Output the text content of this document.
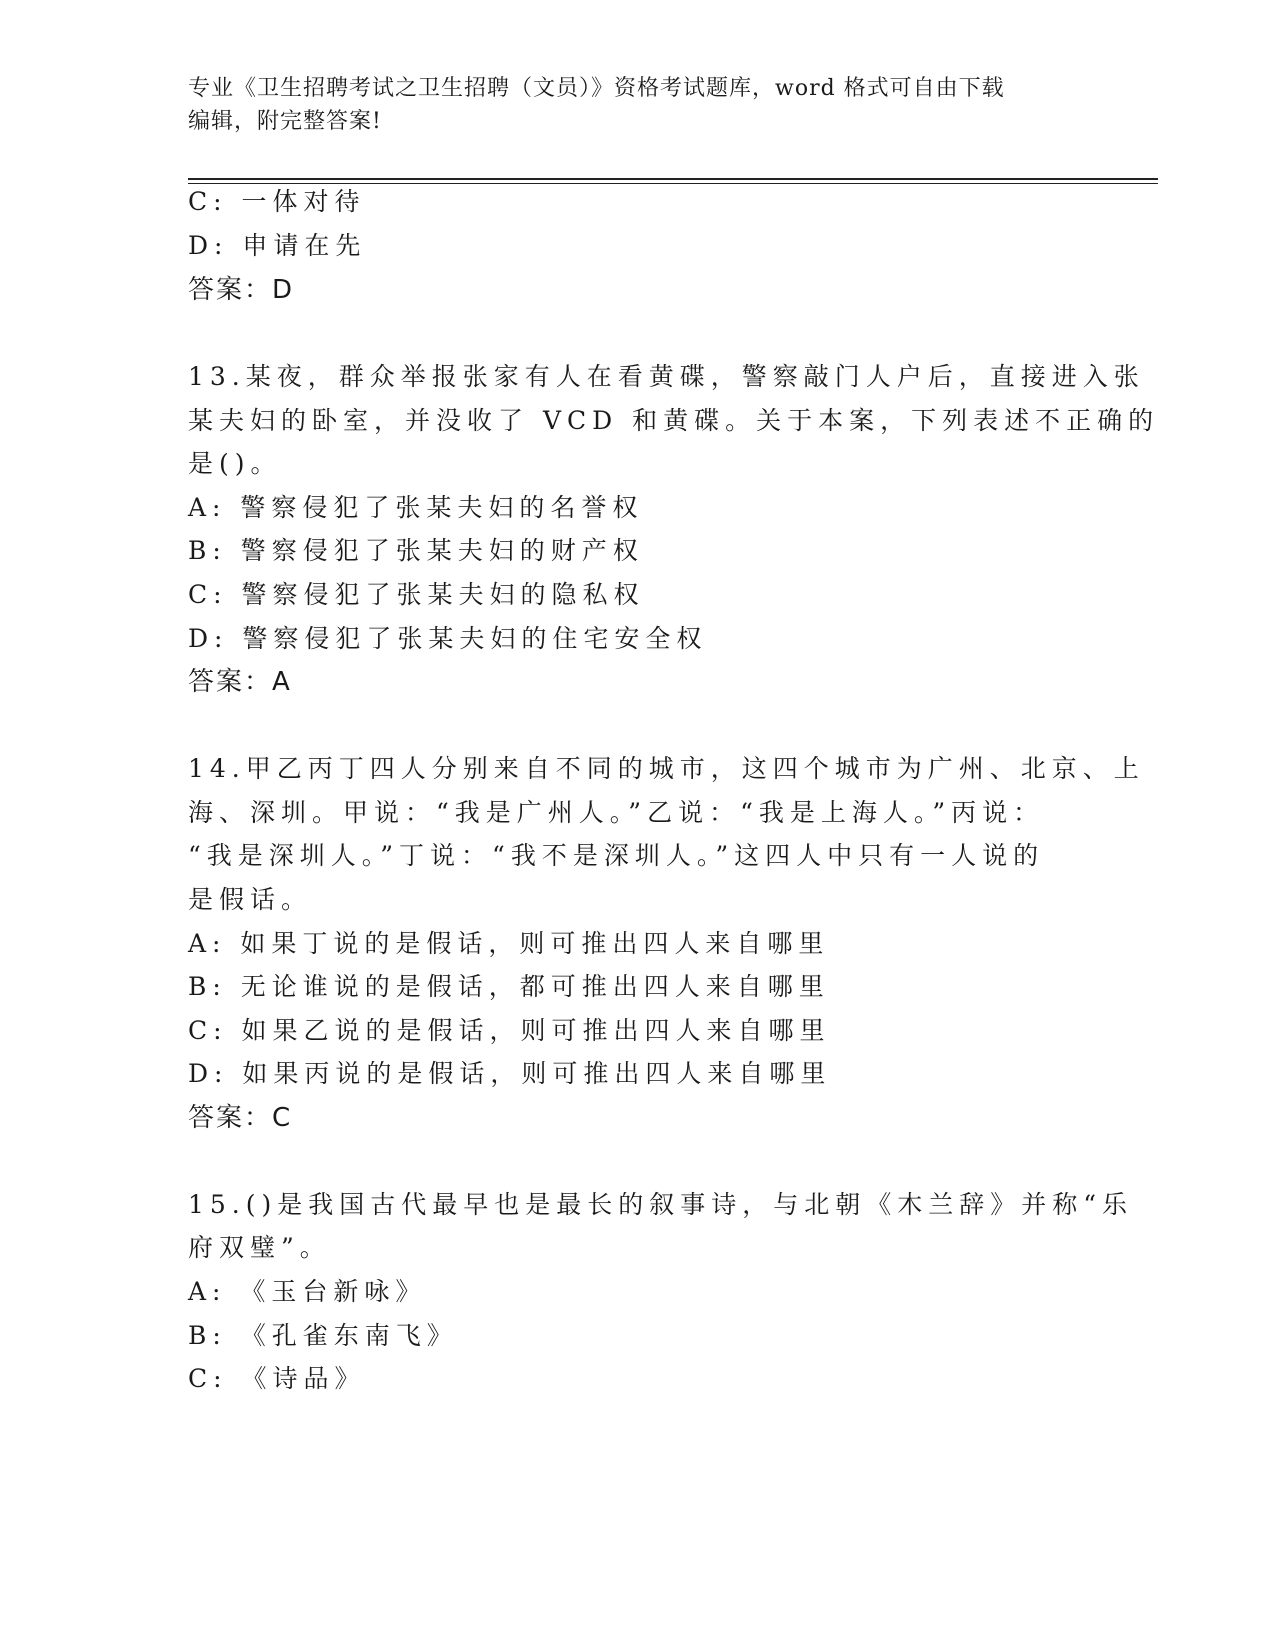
专业《卫生招聘考试之卫生招聘（文员）》资格考试题库，word 格式可自由下载
编辑，附完整答案!
C: 一体对待
D: 申请在先
答案：D
13.某夜，群众举报张家有人在看黄碟，警察敲门人户后，直接进入张
某夫妇的卧室，并没收了 VCD 和黄碟。关于本案，下列表述不正确的
是()。
A: 警察侵犯了张某夫妇的名誉权
B: 警察侵犯了张某夫妇的财产权
C: 警察侵犯了张某夫妇的隐私权
D: 警察侵犯了张某夫妇的住宅安全权
答案：A
14.甲乙丙丁四人分别来自不同的城市，这四个城市为广州、北京、上
海、深圳。甲说：“我是广州人。”乙说：“我是上海人。”丙说：
“我是深圳人。”丁说：“我不是深圳人。”这四人中只有一人说的
是假话。
A: 如果丁说的是假话，则可推出四人来自哪里
B: 无论谁说的是假话，都可推出四人来自哪里
C: 如果乙说的是假话，则可推出四人来自哪里
D: 如果丙说的是假话，则可推出四人来自哪里
答案：C
15.()是我国古代最早也是最长的叙事诗，与北朝《木兰辞》并称“乐
府双璧”。
A: 《玉台新咏》
B: 《孔雀东南飞》
C: 《诗品》
